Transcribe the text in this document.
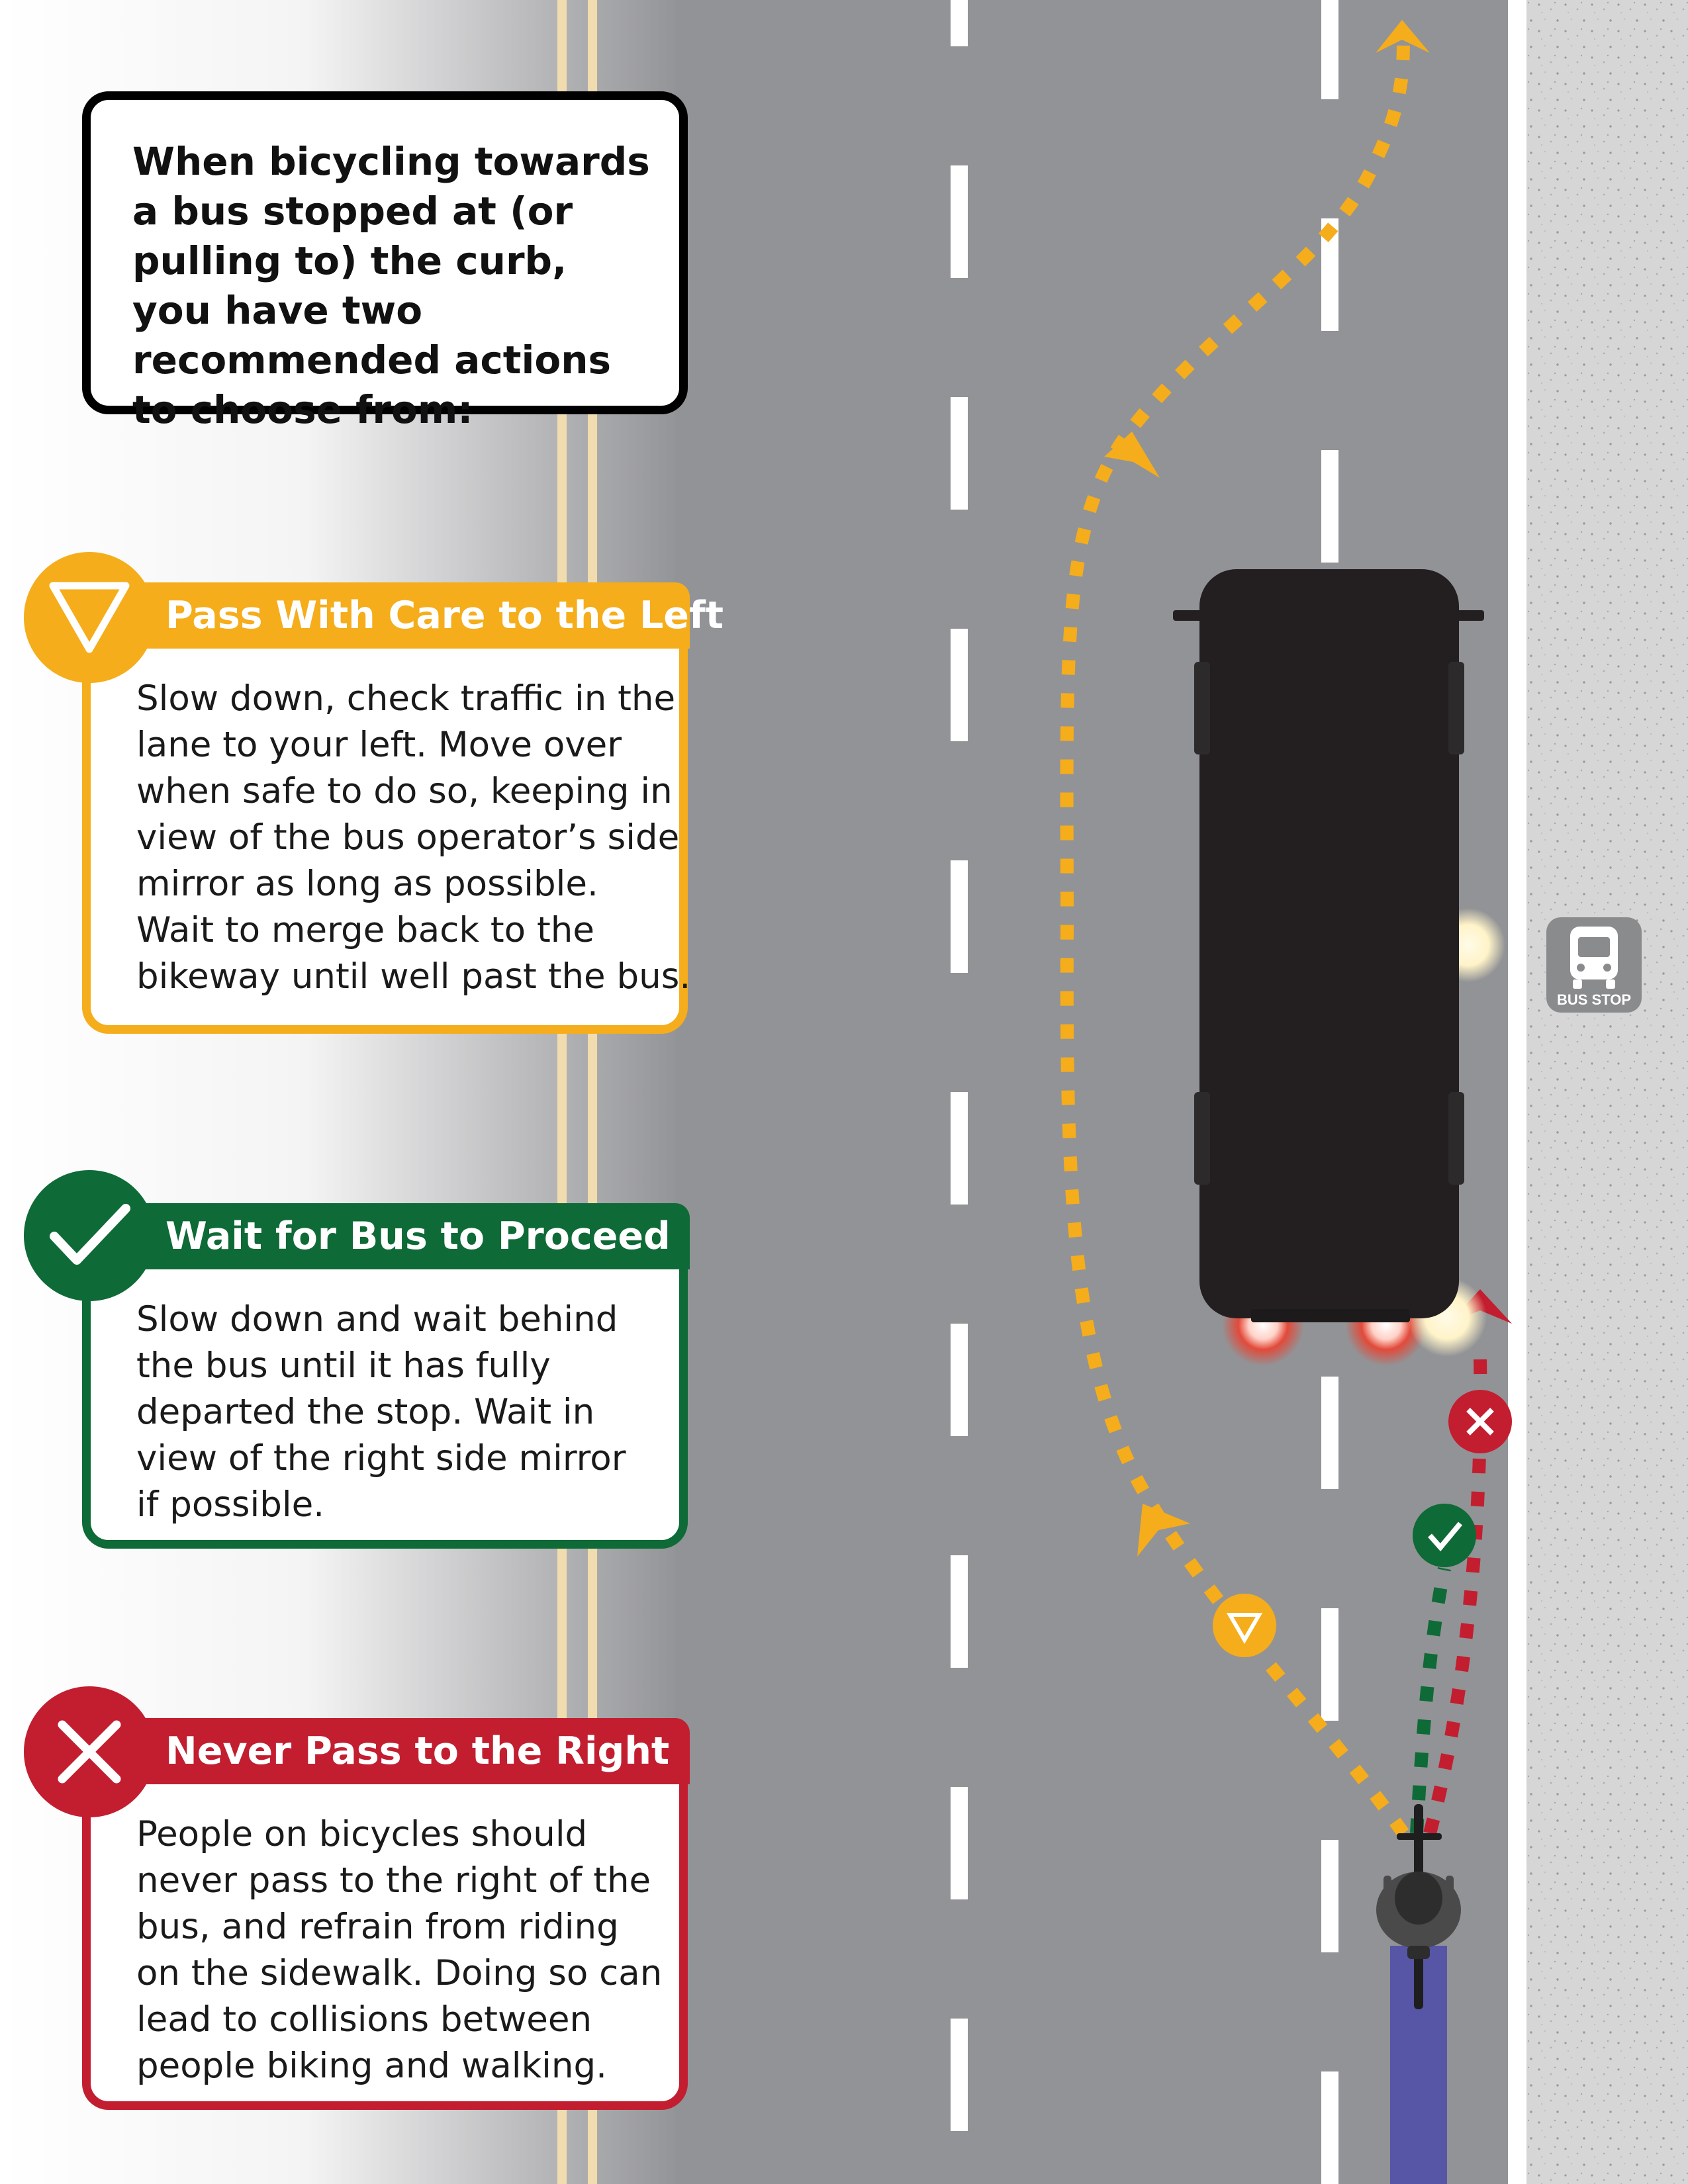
BUS STOP
When bicycling towards a bus stopped at (or pulling to) the curb, you have two recommended actions to choose from:
Slow down, check traffic in the
lane to your left. Move over
when safe to do so, keeping in
view of the bus operator’s side
mirror as long as possible.
Wait to merge back to the
bikeway until well past the bus.
Pass With Care to the Left
Slow down and wait behind
the bus until it has fully
departed the stop. Wait in
view of the right side mirror
if possible.
Wait for Bus to Proceed
People on bicycles should
never pass to the right of the
bus, and refrain from riding
on the sidewalk. Doing so can
lead to collisions between
people biking and walking.
Never Pass to the Right
